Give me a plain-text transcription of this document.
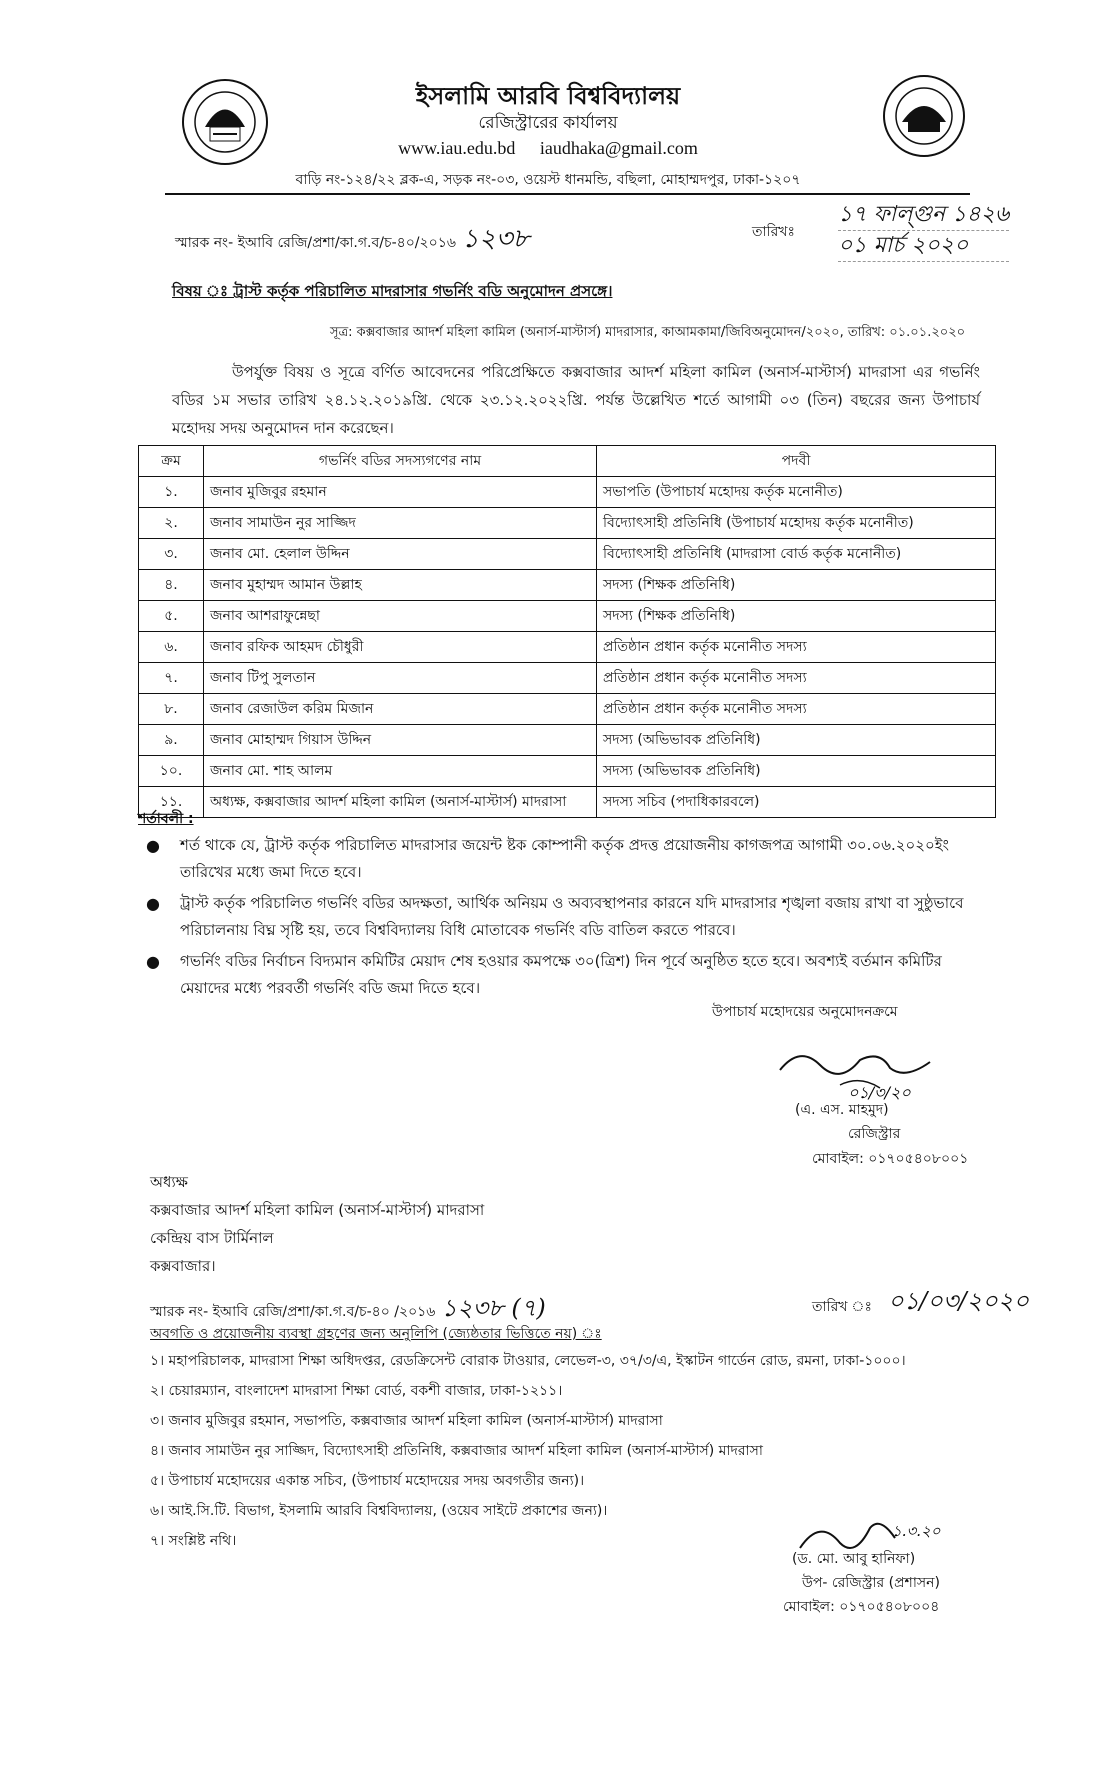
ইসলামি আরবি বিশ্ববিদ্যালয়
রেজিস্ট্রারের কার্যালয়
www.iau.edu.bd iaudhaka@gmail.com
বাড়ি নং-১২৪/২২ ব্লক-এ, সড়ক নং-০৩, ওয়েস্ট ধানমন্ডি, বছিলা, মোহাম্মদপুর, ঢাকা-১২০৭
স্মারক নং- ইআবি রেজি/প্রশা/কা.গ.ব/চ-৪০/২০১৬ ১২৩৮	তারিখঃ
১৭ ফাল্গুন ১৪২৬
০১ মার্চ ২০২০
বিষয় ঃ ট্রাস্ট কর্তৃক পরিচালিত মাদরাসার গভর্নিং বডি অনুমোদন প্রসঙ্গে।
সূত্র: কক্সবাজার আদর্শ মহিলা কামিল (অনার্স-মাস্টার্স) মাদরাসার, কাআমকামা/জিবিঅনুমোদন/২০২০, তারিখ: ০১.০১.২০২০
উপর্যুক্ত বিষয় ও সূত্রে বর্ণিত আবেদনের পরিপ্রেক্ষিতে কক্সবাজার আদর্শ মহিলা কামিল (অনার্স-মাস্টার্স) মাদরাসা এর গভর্নিং বডির ১ম সভার তারিখ ২৪.১২.২০১৯খ্রি. থেকে ২৩.১২.২০২২খ্রি. পর্যন্ত উল্লেখিত শর্তে আগামী ০৩ (তিন) বছরের জন্য উপাচার্য মহোদয় সদয় অনুমোদন দান করেছেন।
ক্রম	গভর্নিং বডির সদস্যগণের নাম	পদবী
১.	জনাব মুজিবুর রহমান	সভাপতি (উপাচার্য মহোদয় কর্তৃক মনোনীত)
২.	জনাব সামাউন নুর সাজ্জিদ	বিদ্যোৎসাহী প্রতিনিধি (উপাচার্য মহোদয় কর্তৃক মনোনীত)
৩.	জনাব মো. হেলাল উদ্দিন	বিদ্যোৎসাহী প্রতিনিধি (মাদরাসা বোর্ড কর্তৃক মনোনীত)
৪.	জনাব মুহাম্মদ আমান উল্লাহ	সদস্য (শিক্ষক প্রতিনিধি)
৫.	জনাব আশরাফুন্নেছা	সদস্য (শিক্ষক প্রতিনিধি)
৬.	জনাব রফিক আহমদ চৌধুরী	প্রতিষ্ঠান প্রধান কর্তৃক মনোনীত সদস্য
৭.	জনাব টিপু সুলতান	প্রতিষ্ঠান প্রধান কর্তৃক মনোনীত সদস্য
৮.	জনাব রেজাউল করিম মিজান	প্রতিষ্ঠান প্রধান কর্তৃক মনোনীত সদস্য
৯.	জনাব মোহাম্মদ গিয়াস উদ্দিন	সদস্য (অভিভাবক প্রতিনিধি)
১০.	জনাব মো. শাহ আলম	সদস্য (অভিভাবক প্রতিনিধি)
১১.	অধ্যক্ষ, কক্সবাজার আদর্শ মহিলা কামিল (অনার্স-মাস্টার্স) মাদরাসা	সদস্য সচিব (পদাধিকারবলে)
শর্তাবলী :
● শর্ত থাকে যে, ট্রাস্ট কর্তৃক পরিচালিত মাদরাসার জয়েন্ট ষ্টক কোম্পানী কর্তৃক প্রদত্ত প্রয়োজনীয় কাগজপত্র আগামী ৩০.০৬.২০২০ইং তারিখের মধ্যে জমা দিতে হবে।
● ট্রাস্ট কর্তৃক পরিচালিত গভর্নিং বডির অদক্ষতা, আর্থিক অনিয়ম ও অব্যবস্থাপনার কারনে যদি মাদরাসার শৃঙ্খলা বজায় রাখা বা সুষ্ঠুভাবে পরিচালনায় বিঘ্ন সৃষ্টি হয়, তবে বিশ্ববিদ্যালয় বিধি মোতাবেক গভর্নিং বডি বাতিল করতে পারবে।
● গভর্নিং বডির নির্বাচন বিদ্যমান কমিটির মেয়াদ শেষ হওয়ার কমপক্ষে ৩০(ত্রিশ) দিন পূর্বে অনুষ্ঠিত হতে হবে। অবশ্যই বর্তমান কমিটির মেয়াদের মধ্যে পরবর্তী গভর্নিং বডি জমা দিতে হবে।
উপাচার্য মহোদয়ের অনুমোদনক্রমে
০১/৩/২০
(এ. এস. মাহমুদ)
রেজিস্ট্রার
মোবাইল: ০১৭০৫৪০৮০০১
অধ্যক্ষ
কক্সবাজার আদর্শ মহিলা কামিল (অনার্স-মাস্টার্স) মাদরাসা
কেন্দ্রিয় বাস টার্মিনাল
কক্সবাজার।
স্মারক নং- ইআবি রেজি/প্রশা/কা.গ.ব/চ-৪০ /২০১৬ ১২৩৮ (৭)	তারিখ ঃ ০১/০৩/২০২০
অবগতি ও প্রয়োজনীয় ব্যবস্থা গ্রহণের জন্য অনুলিপি (জ্যেষ্ঠতার ভিত্তিতে নয়) ঃ
১। মহাপরিচালক, মাদরাসা শিক্ষা অধিদপ্তর, রেডক্রিসেন্ট বোরাক টাওয়ার, লেভেল-৩, ৩৭/৩/এ, ইস্কাটন গার্ডেন রোড, রমনা, ঢাকা-১০০০।
২। চেয়ারম্যান, বাংলাদেশ মাদরাসা শিক্ষা বোর্ড, বকশী বাজার, ঢাকা-১২১১।
৩। জনাব মুজিবুর রহমান, সভাপতি, কক্সবাজার আদর্শ মহিলা কামিল (অনার্স-মাস্টার্স) মাদরাসা
৪। জনাব সামাউন নুর সাজ্জিদ, বিদ্যোৎসাহী প্রতিনিধি, কক্সবাজার আদর্শ মহিলা কামিল (অনার্স-মাস্টার্স) মাদরাসা
৫। উপাচার্য মহোদয়ের একান্ত সচিব, (উপাচার্য মহোদয়ের সদয় অবগতীর জন্য)।
৬। আই.সি.টি. বিভাগ, ইসলামি আরবি বিশ্ববিদ্যালয়, (ওয়েব সাইটে প্রকাশের জন্য)।
৭। সংশ্লিষ্ট নথি।
১.৩.২০
(ড. মো. আবু হানিফা)
উপ- রেজিস্ট্রার (প্রশাসন)
মোবাইল: ০১৭০৫৪০৮০০৪
